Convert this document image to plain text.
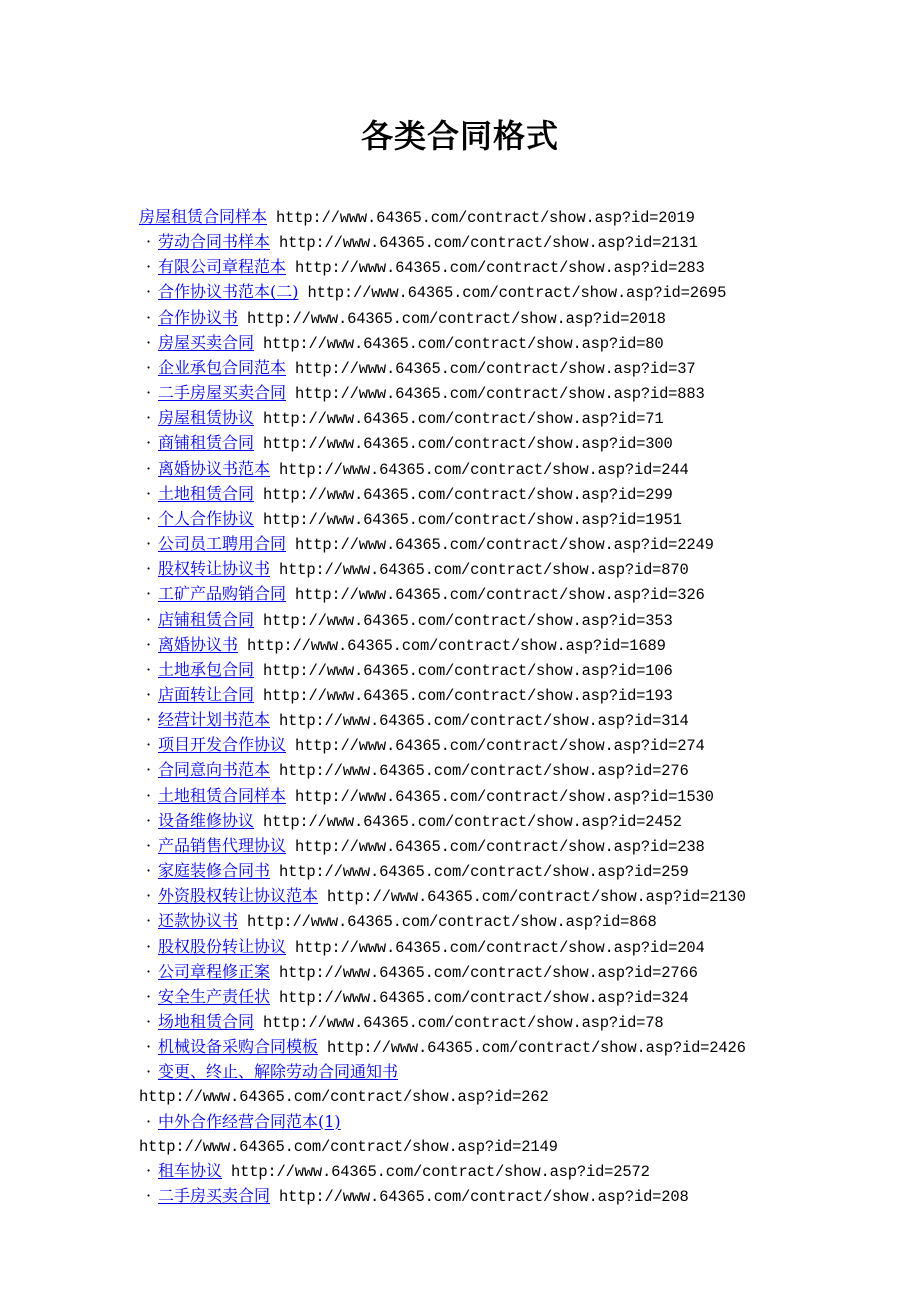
各类合同格式
房屋租赁合同样本 http://www.64365.com/contract/show.asp?id=2019
· 劳动合同书样本 http://www.64365.com/contract/show.asp?id=2131
· 有限公司章程范本 http://www.64365.com/contract/show.asp?id=283
· 合作协议书范本(二) http://www.64365.com/contract/show.asp?id=2695
· 合作协议书 http://www.64365.com/contract/show.asp?id=2018
· 房屋买卖合同 http://www.64365.com/contract/show.asp?id=80
· 企业承包合同范本 http://www.64365.com/contract/show.asp?id=37
· 二手房屋买卖合同 http://www.64365.com/contract/show.asp?id=883
· 房屋租赁协议 http://www.64365.com/contract/show.asp?id=71
· 商铺租赁合同 http://www.64365.com/contract/show.asp?id=300
· 离婚协议书范本 http://www.64365.com/contract/show.asp?id=244
· 土地租赁合同 http://www.64365.com/contract/show.asp?id=299
· 个人合作协议 http://www.64365.com/contract/show.asp?id=1951
· 公司员工聘用合同 http://www.64365.com/contract/show.asp?id=2249
· 股权转让协议书 http://www.64365.com/contract/show.asp?id=870
· 工矿产品购销合同 http://www.64365.com/contract/show.asp?id=326
· 店铺租赁合同 http://www.64365.com/contract/show.asp?id=353
· 离婚协议书 http://www.64365.com/contract/show.asp?id=1689
· 土地承包合同 http://www.64365.com/contract/show.asp?id=106
· 店面转让合同 http://www.64365.com/contract/show.asp?id=193
· 经营计划书范本 http://www.64365.com/contract/show.asp?id=314
· 项目开发合作协议 http://www.64365.com/contract/show.asp?id=274
· 合同意向书范本 http://www.64365.com/contract/show.asp?id=276
· 土地租赁合同样本 http://www.64365.com/contract/show.asp?id=1530
· 设备维修协议 http://www.64365.com/contract/show.asp?id=2452
· 产品销售代理协议 http://www.64365.com/contract/show.asp?id=238
· 家庭装修合同书 http://www.64365.com/contract/show.asp?id=259
· 外资股权转让协议范本 http://www.64365.com/contract/show.asp?id=2130
· 还款协议书 http://www.64365.com/contract/show.asp?id=868
· 股权股份转让协议 http://www.64365.com/contract/show.asp?id=204
· 公司章程修正案 http://www.64365.com/contract/show.asp?id=2766
· 安全生产责任状 http://www.64365.com/contract/show.asp?id=324
· 场地租赁合同 http://www.64365.com/contract/show.asp?id=78
· 机械设备采购合同模板 http://www.64365.com/contract/show.asp?id=2426
· 变更、终止、解除劳动合同通知书
http://www.64365.com/contract/show.asp?id=262
· 中外合作经营合同范本(1)
http://www.64365.com/contract/show.asp?id=2149
· 租车协议 http://www.64365.com/contract/show.asp?id=2572
· 二手房买卖合同 http://www.64365.com/contract/show.asp?id=208
